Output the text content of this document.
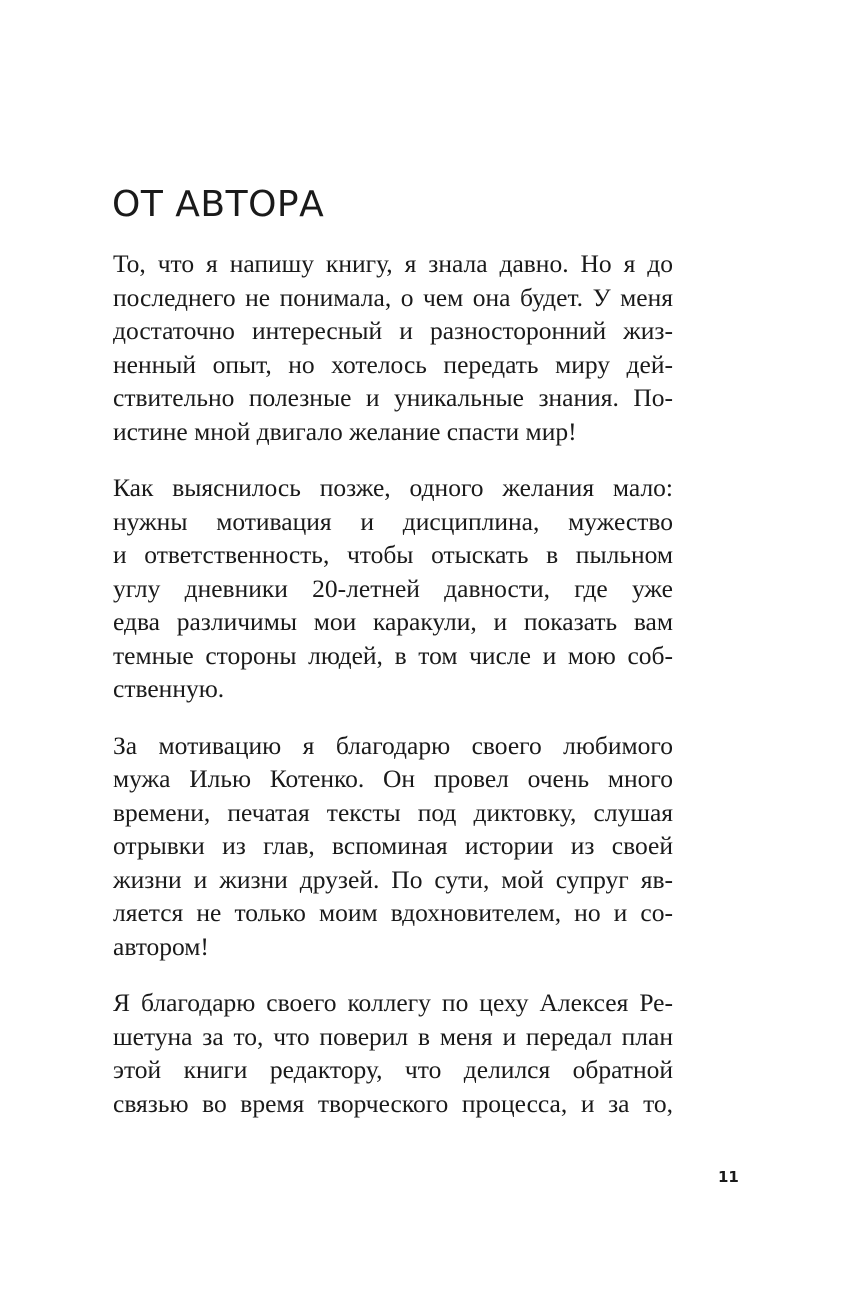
ОТ АВТОРА

То, что я напишу книгу, я знала давно. Но я до
последнего не понимала, о чем она будет. У меня
достаточно интересный и разносторонний жиз-
ненный опыт, но хотелось передать миру дей-
ствительно полезные и уникальные знания. По-
истине мной двигало желание спасти мир!

Как выяснилось позже, одного желания мало:
нужны мотивация и дисциплина, мужество
и ответственность, чтобы отыскать в пыльном
углу дневники 20-летней давности, где уже
едва различимы мои каракули, и показать вам
темные стороны людей, в том числе и мою соб-
ственную.

За мотивацию я благодарю своего любимого
мужа Илью Котенко. Он провел очень много
времени, печатая тексты под диктовку, слушая
отрывки из глав, вспоминая истории из своей
жизни и жизни друзей. По сути, мой супруг яв-
ляется не только моим вдохновителем, но и со-
автором!

Я благодарю своего коллегу по цеху Алексея Ре-
шетуна за то, что поверил в меня и передал план
этой книги редактору, что делился обратной
связью во время творческого процесса, и за то,

11
